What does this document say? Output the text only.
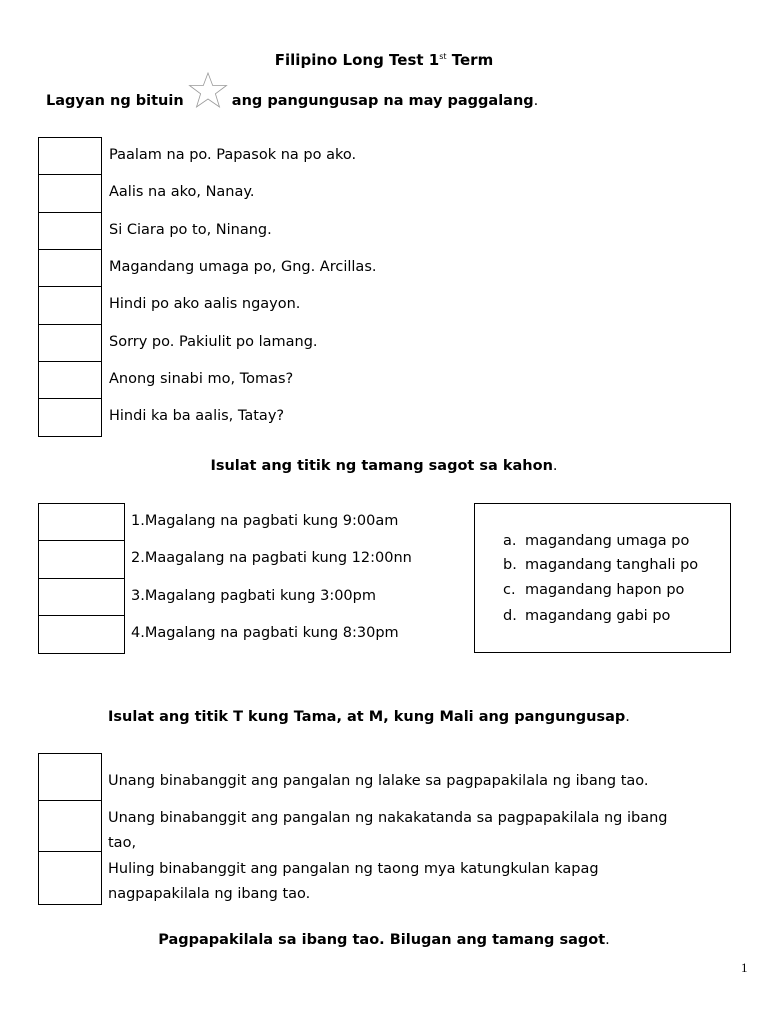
Filipino Long Test 1st Term
Lagyan ng bituin	ang pangungusap na may paggalang.
Paalam na po. Papasok na po ako.
Aalis na ako, Nanay.
Si Ciara po to, Ninang.
Magandang umaga po, Gng. Arcillas.
Hindi po ako aalis ngayon.
Sorry po. Pakiulit po lamang.
Anong sinabi mo, Tomas?
Hindi ka ba aalis, Tatay?
Isulat ang titik ng tamang sagot sa kahon.
1.Magalang na pagbati kung 9:00am
2.Maagalang na pagbati kung 12:00nn
3.Magalang pagbati kung 3:00pm
4.Magalang na pagbati kung 8:30pm
a. magandang umaga po
b. magandang tanghali po
c. magandang hapon po
d. magandang gabi po
Isulat ang titik T kung Tama, at M, kung Mali ang pangungusap.
Unang binabanggit ang pangalan ng lalake sa pagpapakilala ng ibang tao.
Unang binabanggit ang pangalan ng nakakatanda sa pagpapakilala ng ibang
tao,
Huling binabanggit ang pangalan ng taong mya katungkulan kapag
nagpapakilala ng ibang tao.
Pagpapakilala sa ibang tao. Bilugan ang tamang sagot.
1
